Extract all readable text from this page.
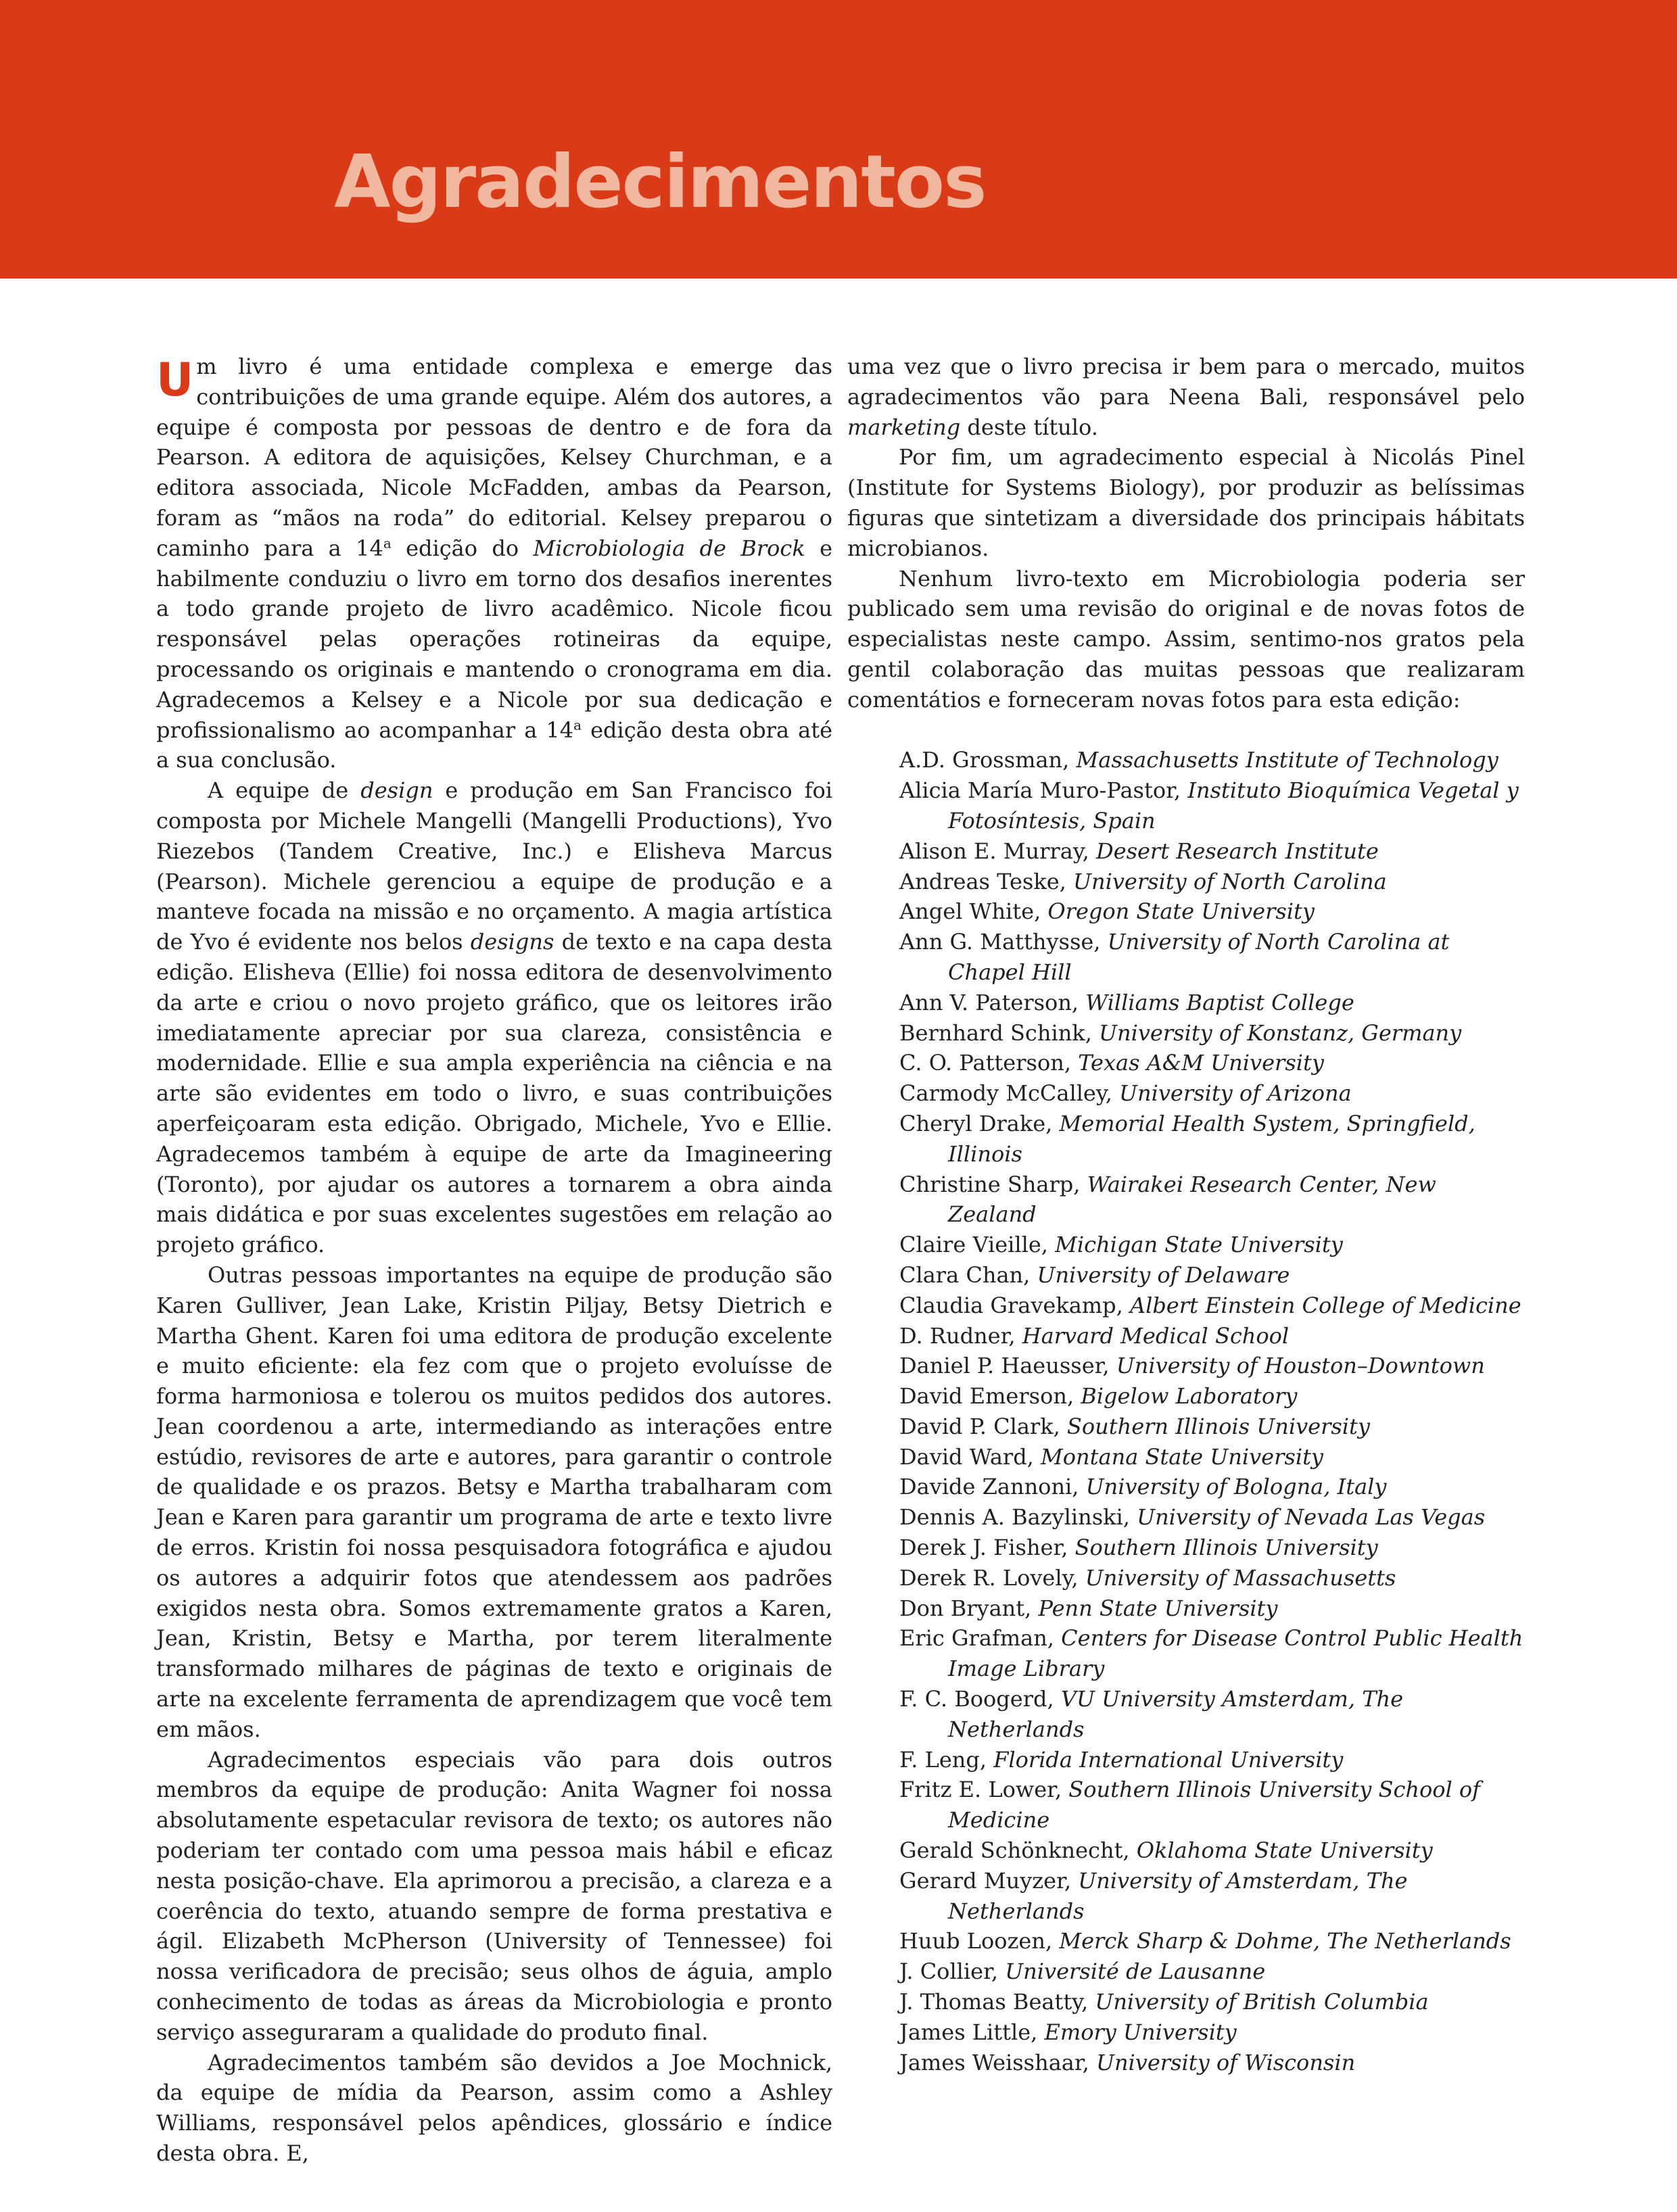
Agradecimentos

Um livro é uma entidade complexa e emerge das contribuições de uma grande equipe. Além dos autores, a equipe é composta por pessoas de dentro e de fora da Pearson. A editora de aquisições, Kelsey Churchman, e a editora associada, Nicole McFadden, ambas da Pearson, foram as “mãos na roda” do editorial. Kelsey preparou o caminho para a 14$^a$ edição do Microbiologia de Brock e habilmente conduziu o livro em torno dos desafios inerentes a todo grande projeto de livro acadêmico. Nicole ficou responsável pelas operações rotineiras da equipe, processando os originais e mantendo o cronograma em dia. Agradecemos a Kelsey e a Nicole por sua dedicação e profissionalismo ao acompanhar a 14$^a$ edição desta obra até a sua conclusão.

A equipe de design e produção em San Francisco foi composta por Michele Mangelli (Mangelli Productions), Yvo Riezebos (Tandem Creative, Inc.) e Elisheva Marcus (Pearson). Michele gerenciou a equipe de produção e a manteve focada na missão e no orçamento. A magia artística de Yvo é evidente nos belos designs de texto e na capa desta edição. Elisheva (Ellie) foi nossa editora de desenvolvimento da arte e criou o novo projeto gráfico, que os leitores irão imediatamente apreciar por sua clareza, consistência e modernidade. Ellie e sua ampla experiência na ciência e na arte são evidentes em todo o livro, e suas contribuições aperfeiçoaram esta edição. Obrigado, Michele, Yvo e Ellie. Agradecemos também à equipe de arte da Imagineering (Toronto), por ajudar os autores a tornarem a obra ainda mais didática e por suas excelentes sugestões em relação ao projeto gráfico.

Outras pessoas importantes na equipe de produção são Karen Gulliver, Jean Lake, Kristin Piljay, Betsy Dietrich e Martha Ghent. Karen foi uma editora de produção excelente e muito eficiente: ela fez com que o projeto evoluísse de forma harmoniosa e tolerou os muitos pedidos dos autores. Jean coordenou a arte, intermediando as interações entre estúdio, revisores de arte e autores, para garantir o controle de qualidade e os prazos. Betsy e Martha trabalharam com Jean e Karen para garantir um programa de arte e texto livre de erros. Kristin foi nossa pesquisadora fotográfica e ajudou os autores a adquirir fotos que atendessem aos padrões exigidos nesta obra. Somos extremamente gratos a Karen, Jean, Kristin, Betsy e Martha, por terem literalmente transformado milhares de páginas de texto e originais de arte na excelente ferramenta de aprendizagem que você tem em mãos.

Agradecimentos especiais vão para dois outros membros da equipe de produção: Anita Wagner foi nossa absolutamente espetacular revisora de texto; os autores não poderiam ter contado com uma pessoa mais hábil e eficaz nesta posição-chave. Ela aprimorou a precisão, a clareza e a coerência do texto, atuando sempre de forma prestativa e ágil. Elizabeth McPherson (University of Tennessee) foi nossa verificadora de precisão; seus olhos de águia, amplo conhecimento de todas as áreas da Microbiologia e pronto serviço asseguraram a qualidade do produto final.

Agradecimentos também são devidos a Joe Mochnick, da equipe de mídia da Pearson, assim como a Ashley Williams, responsável pelos apêndices, glossário e índice desta obra. E,

uma vez que o livro precisa ir bem para o mercado, muitos agradecimentos vão para Neena Bali, responsável pelo marketing deste título.

Por fim, um agradecimento especial à Nicolás Pinel (Institute for Systems Biology), por produzir as belíssimas figuras que sintetizam a diversidade dos principais hábitats microbianos.

Nenhum livro-texto em Microbiologia poderia ser publicado sem uma revisão do original e de novas fotos de especialistas neste campo. Assim, sentimo-nos gratos pela gentil colaboração das muitas pessoas que realizaram comentátios e forneceram novas fotos para esta edição:

A.D. Grossman, Massachusetts Institute of Technology
Alicia María Muro-Pastor, Instituto Bioquímica Vegetal y Fotosíntesis, Spain
Alison E. Murray, Desert Research Institute
Andreas Teske, University of North Carolina
Angel White, Oregon State University
Ann G. Matthysse, University of North Carolina at Chapel Hill
Ann V. Paterson, Williams Baptist College
Bernhard Schink, University of Konstanz, Germany
C. O. Patterson, Texas A&M University
Carmody McCalley, University of Arizona
Cheryl Drake, Memorial Health System, Springfield, Illinois
Christine Sharp, Wairakei Research Center, New Zealand
Claire Vieille, Michigan State University
Clara Chan, University of Delaware
Claudia Gravekamp, Albert Einstein College of Medicine
D. Rudner, Harvard Medical School
Daniel P. Haeusser, University of Houston–Downtown
David Emerson, Bigelow Laboratory
David P. Clark, Southern Illinois University
David Ward, Montana State University
Davide Zannoni, University of Bologna, Italy
Dennis A. Bazylinski, University of Nevada Las Vegas
Derek J. Fisher, Southern Illinois University
Derek R. Lovely, University of Massachusetts
Don Bryant, Penn State University
Eric Grafman, Centers for Disease Control Public Health Image Library
F. C. Boogerd, VU University Amsterdam, The Netherlands
F. Leng, Florida International University
Fritz E. Lower, Southern Illinois University School of Medicine
Gerald Schönknecht, Oklahoma State University
Gerard Muyzer, University of Amsterdam, The Netherlands
Huub Loozen, Merck Sharp & Dohme, The Netherlands
J. Collier, Université de Lausanne
J. Thomas Beatty, University of British Columbia
James Little, Emory University
James Weisshaar, University of Wisconsin
